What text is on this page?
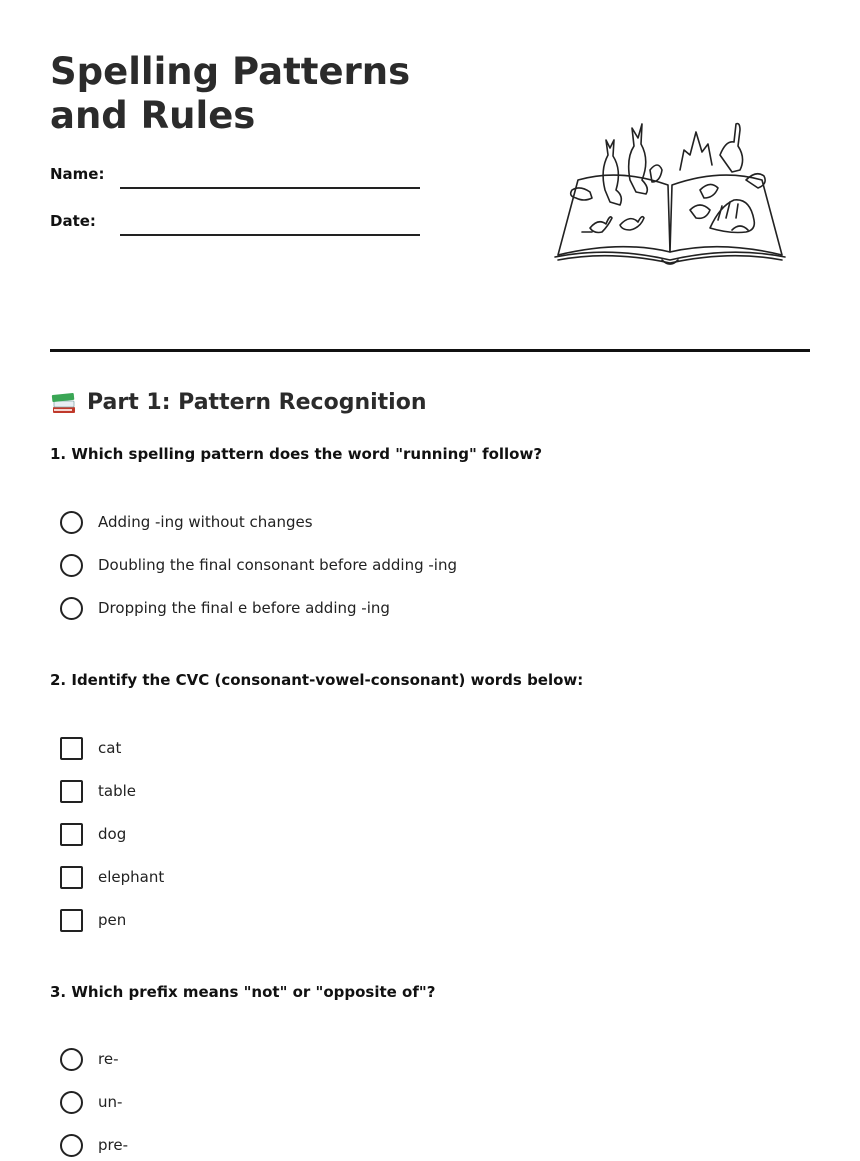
Spelling Patterns and Rules
Name:
Date:
Part 1: Pattern Recognition
1. Which spelling pattern does the word "running" follow?
Adding -ing without changes
Doubling the final consonant before adding -ing
Dropping the final e before adding -ing
2. Identify the CVC (consonant-vowel-consonant) words below:
cat
table
dog
elephant
pen
3. Which prefix means "not" or "opposite of"?
re-
un-
pre-
